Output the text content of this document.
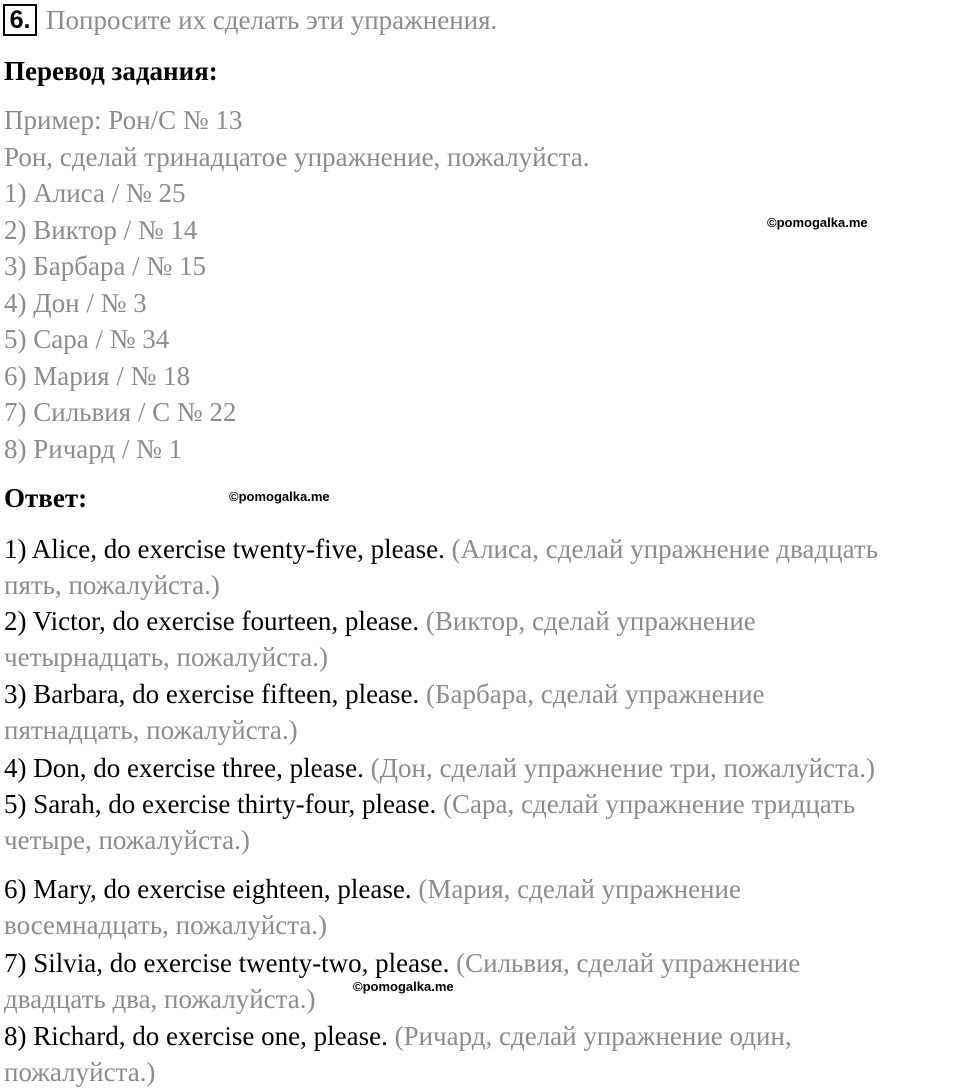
6. Попросите их сделать эти упражнения.
Перевод задания:
Пример: Рон/С № 13
Рон, сделай тринадцатое упражнение, пожалуйста.
1) Алиса / № 25
2) Виктор / № 14
3) Барбара / № 15
4) Дон / № 3
5) Сара / № 34
6) Мария / № 18
7) Сильвия / С № 22
8) Ричард / № 1
Ответ:
1) Alice, do exercise twenty-five, please. (Алиса, сделай упражнение двадцать
пять, пожалуйста.)
2) Victor, do exercise fourteen, please. (Виктор, сделай упражнение
четырнадцать, пожалуйста.)
3) Barbara, do exercise fifteen, please. (Барбара, сделай упражнение
пятнадцать, пожалуйста.)
4) Don, do exercise three, please. (Дон, сделай упражнение три, пожалуйста.)
5) Sarah, do exercise thirty-four, please. (Сара, сделай упражнение тридцать
четыре, пожалуйста.)
6) Mary, do exercise eighteen, please. (Мария, сделай упражнение
восемнадцать, пожалуйста.)
7) Silvia, do exercise twenty-two, please. (Сильвия, сделай упражнение
двадцать два, пожалуйста.)
8) Richard, do exercise one, please. (Ричард, сделай упражнение один,
пожалуйста.)
©pomogalka.me
©pomogalka.me
©pomogalka.me
